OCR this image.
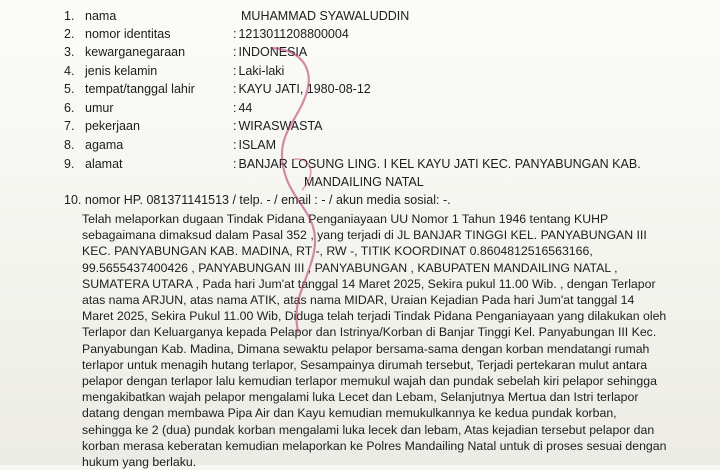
1. nama	MUHAMMAD SYAWALUDDIN
2. nomor identitas	: 1213011208800004
3. kewarganegaraan	: INDONESIA
4. jenis kelamin	: Laki-laki
5. tempat/tanggal lahir	: KAYU JATI, 1980-08-12
6. umur	: 44
7. pekerjaan	: WIRASWASTA
8. agama	: ISLAM
9. alamat	: BANJAR LOSUNG LING. I KEL KAYU JATI KEC. PANYABUNGAN KAB.
MANDAILING NATAL
10. nomor HP. 081371141513 / telp. - / email : - / akun media sosial: -.
Telah melaporkan dugaan Tindak Pidana Penganiayaan UU Nomor 1 Tahun 1946 tentang KUHP
sebagaimana dimaksud dalam Pasal 352 , yang terjadi di JL BANJAR TINGGI KEL. PANYABUNGAN III
KEC. PANYABUNGAN KAB. MADINA, RT -, RW -, TITIK KOORDINAT 0.8604812516563166,
99.5655437400426 , PANYABUNGAN III , PANYABUNGAN , KABUPATEN MANDAILING NATAL ,
SUMATERA UTARA , Pada hari Jum'at tanggal 14 Maret 2025, Sekira pukul 11.00 Wib. , dengan Terlapor
atas nama ARJUN, atas nama ATIK, atas nama MIDAR, Uraian Kejadian Pada hari Jum'at tanggal 14
Maret 2025, Sekira Pukul 11.00 Wib, Diduga telah terjadi Tindak Pidana Penganiayaan yang dilakukan oleh
Terlapor dan Keluarganya kepada Pelapor dan Istrinya/Korban di Banjar Tinggi Kel. Panyabungan III Kec.
Panyabungan Kab. Madina, Dimana sewaktu pelapor bersama-sama dengan korban mendatangi rumah
terlapor untuk menagih hutang terlapor, Sesampainya dirumah tersebut, Terjadi pertekaran mulut antara
pelapor dengan terlapor lalu kemudian terlapor memukul wajah dan pundak sebelah kiri pelapor sehingga
mengakibatkan wajah pelapor mengalami luka Lecet dan Lebam, Selanjutnya Mertua dan Istri terlapor
datang dengan membawa Pipa Air dan Kayu kemudian memukulkannya ke kedua pundak korban,
sehingga ke 2 (dua) pundak korban mengalami luka lecek dan lebam, Atas kejadian tersebut pelapor dan
korban merasa keberatan kemudian melaporkan ke Polres Mandailing Natal untuk di proses sesuai dengan
hukum yang berlaku.
